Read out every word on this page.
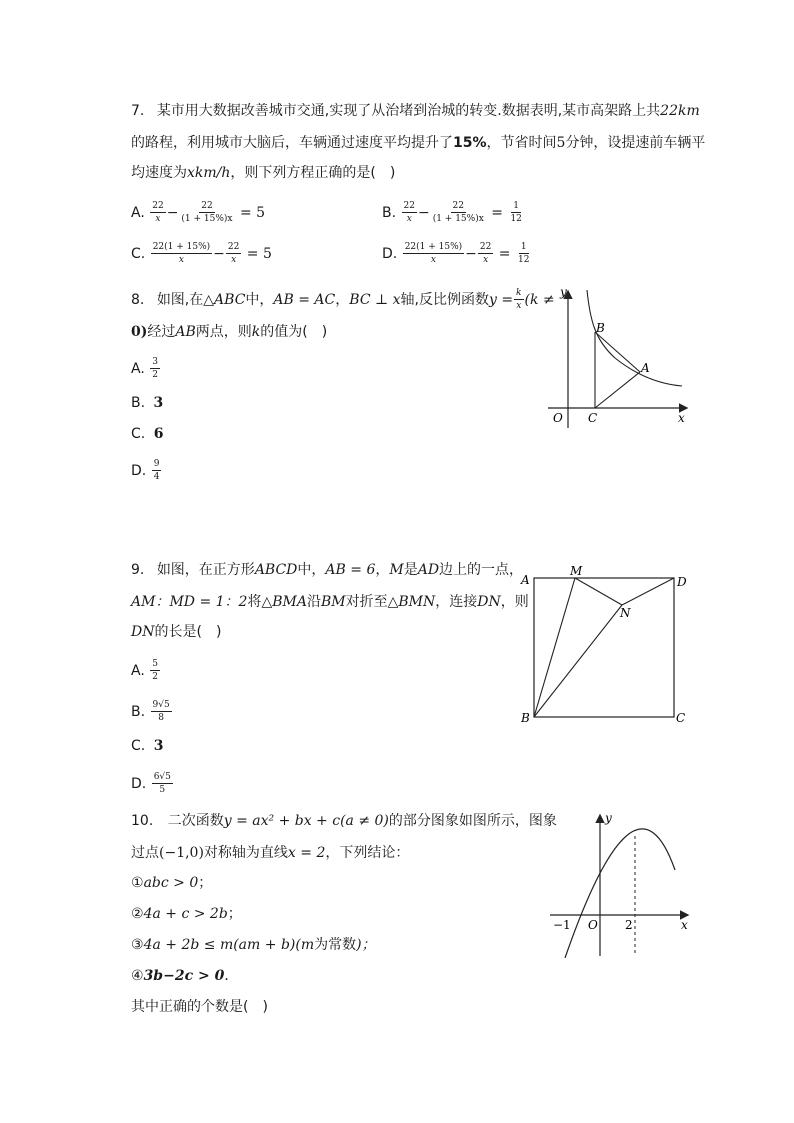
7. 某市用大数据改善城市交通,实现了从治堵到治城的转变.数据表明,某市高架路上共22km
的路程，利用城市大脑后，车辆通过速度平均提升了15%，节省时间5分钟，设提速前车辆平
均速度为xkm/h，则下列方程正确的是(　)
A. $\frac{22}{x} - \frac{22}{(1 + 15\%)x} = 5$	B. $\frac{22}{x} - \frac{22}{(1 + 15\%)x} = \frac{1}{12}$
C. $\frac{22(1 + 15\%)}{x} - \frac{22}{x} = 5$	D. $\frac{22(1 + 15\%)}{x} - \frac{22}{x} = \frac{1}{12}$
8. 如图,在△ABC中，AB = AC，BC ⊥ x轴,反比例函数$y = \frac{k}{x} (k$ ≠
0)经过AB两点，则k的值为(　)
A. $\frac{3}{2}$
B. 3
C. 6
D. $\frac{9}{4}$
y
x
O
B
A
C
9. 如图，在正方形ABCD中，AB = 6，M是AD边上的一点，
AM：MD = 1：2将△BMA沿BM对折至△BMN，连接DN，则
DN的长是(　)
A. $\frac{5}{2}$
B. $\frac{9√5}{8}$
C. 3
D. $\frac{6√5}{5}$
A
M
D
N
B	C
10. 二次函数y = ax² + bx + c(a ≠ 0)的部分图象如图所示，图象
过点(−1,0)对称轴为直线x = 2，下列结论：
①abc > 0；
②4a + c > 2b；
③4a + 2b ≤ m(am + b)(m为常数)；
④3b−2c > 0．
其中正确的个数是(　)
y
x
O
−1	2
